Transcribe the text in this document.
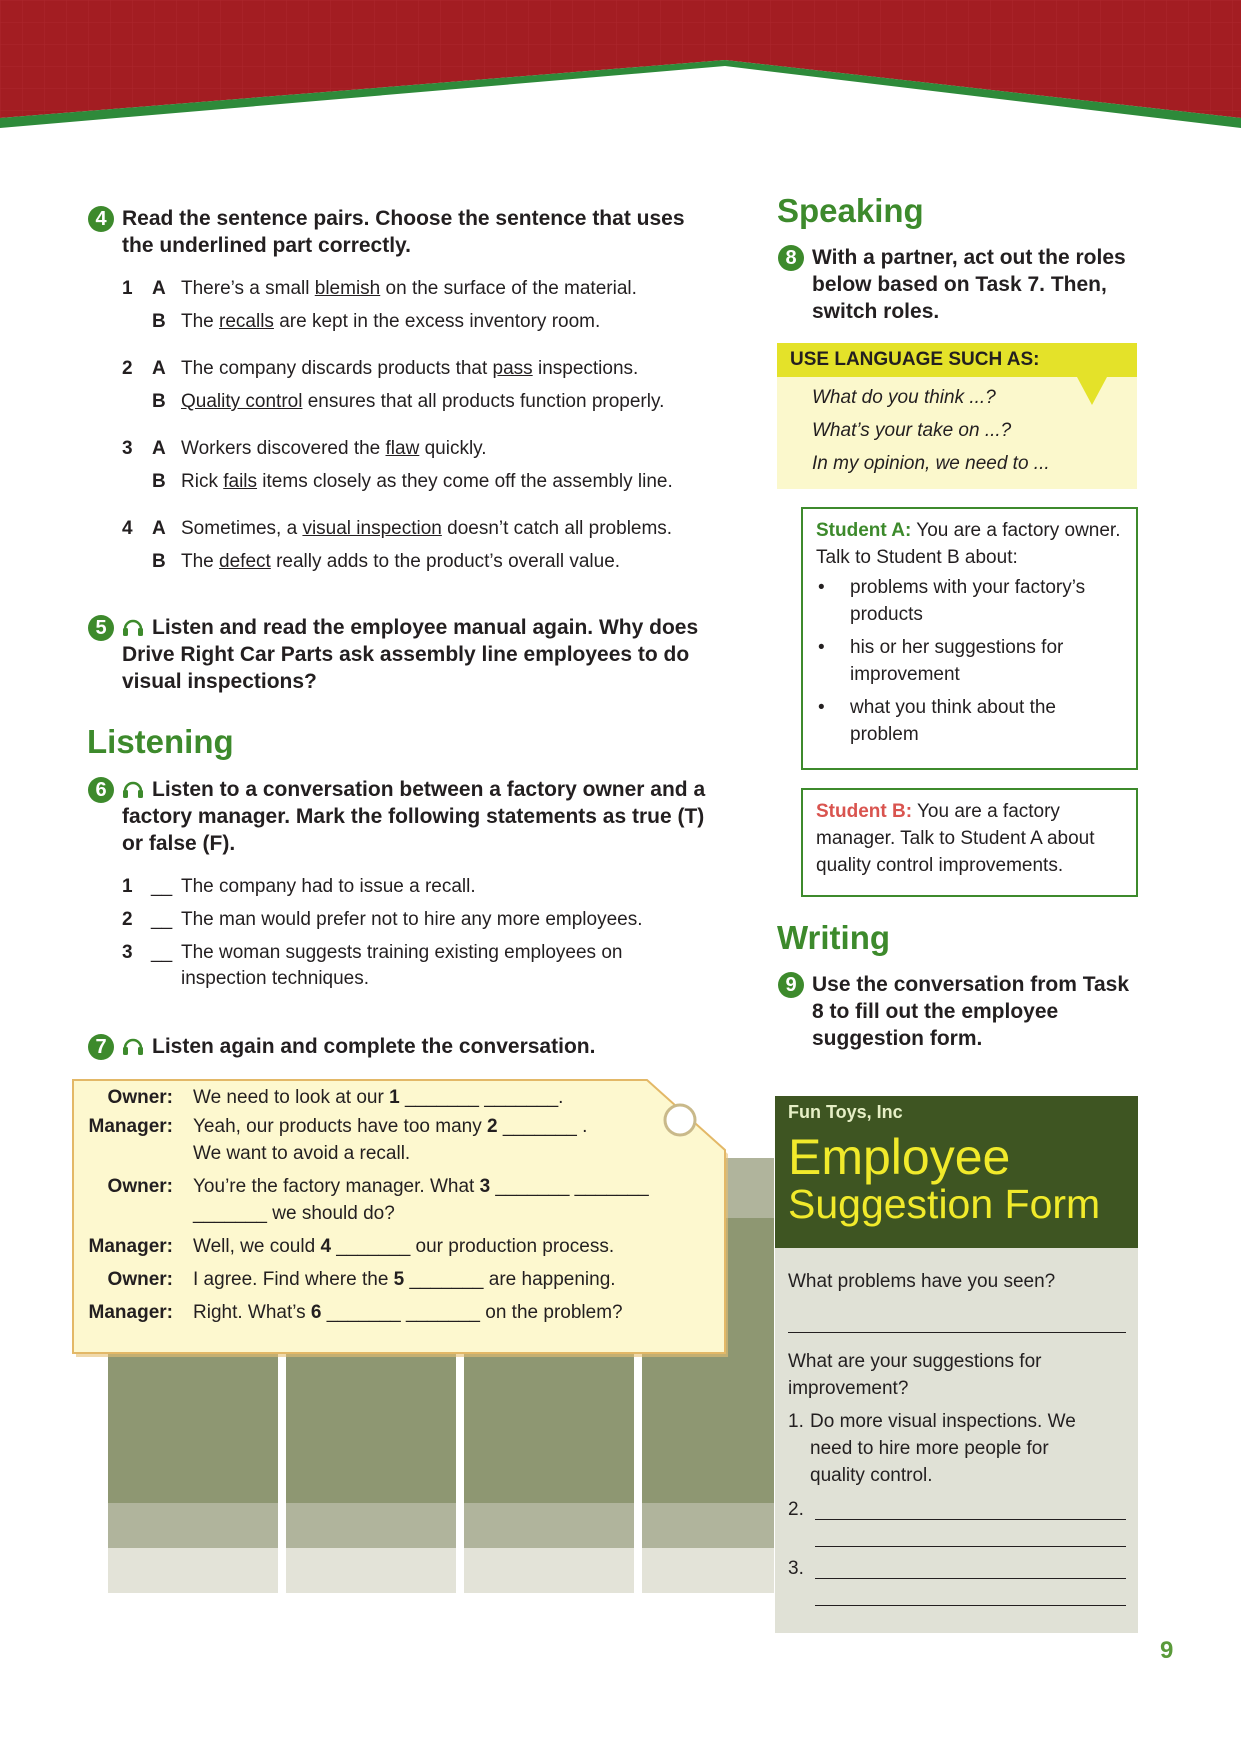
4 Read the sentence pairs. Choose the sentence that uses the underlined part correctly.
1 A There’s a small blemish on the surface of the material.
B The recalls are kept in the excess inventory room.
2 A The company discards products that pass inspections.
B Quality control ensures that all products function properly.
3 A Workers discovered the flaw quickly.
B Rick fails items closely as they come off the assembly line.
4 A Sometimes, a visual inspection doesn’t catch all problems.
B The defect really adds to the product’s overall value.
5	Listen and read the employee manual again. Why does Drive Right Car Parts ask assembly line employees to do visual inspections?
Listening
6	Listen to a conversation between a factory owner and a factory manager. Mark the following statements as true (T) or false (F).
1 __ The company had to issue a recall.
2 __ The man would prefer not to hire any more employees.
3 __ The woman suggests training existing employees on inspection techniques.
7	Listen again and complete the conversation.
Owner: We need to look at our 1 _______ _______.
Manager: Yeah, our products have too many 2 _______ .
We want to avoid a recall.
Owner: You’re the factory manager. What 3 _______ _______
_______ we should do?
Manager: Well, we could 4 _______ our production process.
Owner: I agree. Find where the 5 _______ are happening.
Manager: Right. What’s 6 _______ _______ on the problem?
Speaking
8 With a partner, act out the roles below based on Task 7. Then, switch roles.
USE LANGUAGE SUCH AS:
What do you think ...?
What’s your take on ...?
In my opinion, we need to ...
Student A: You are a factory owner. Talk to Student B about:
• problems with your factory’s products
• his or her suggestions for improvement
• what you think about the problem
Student B: You are a factory manager. Talk to Student A about quality control improvements.
Writing
9 Use the conversation from Task 8 to fill out the employee suggestion form.
Fun Toys, Inc
Employee
Suggestion Form
What problems have you seen?
What are your suggestions for improvement?
1. Do more visual inspections. We need to hire more people for quality control.
2.
3.
9
